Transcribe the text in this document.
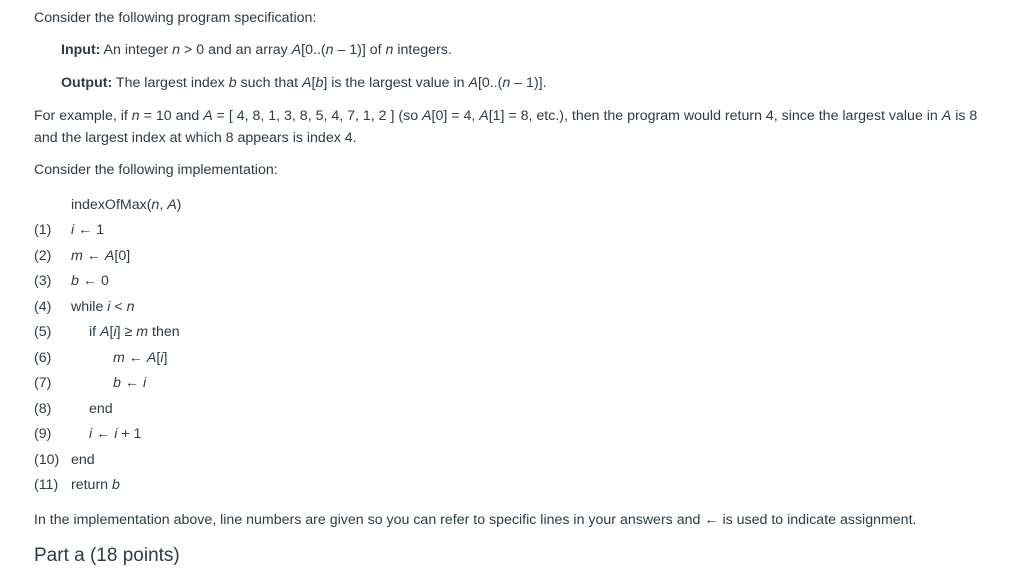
Consider the following program specification:
Input: An integer n > 0 and an array A[0..(n – 1)] of n integers.
Output: The largest index b such that A[b] is the largest value in A[0..(n – 1)].
For example, if n = 10 and A = [ 4, 8, 1, 3, 8, 5, 4, 7, 1, 2 ] (so A[0] = 4, A[1] = 8, etc.), then the program would return 4, since the largest value in A is 8 and the largest index at which 8 appears is index 4.
Consider the following implementation:
indexOfMax(n, A)
(1) i ← 1
(2) m ← A[0]
(3) b ← 0
(4) while i < n
(5)	if A[i] ≥ m then
(6)	m ← A[i]
(7)	b ← i
(8)	end
(9)	i ← i + 1
(10) end
(11) return b
In the implementation above, line numbers are given so you can refer to specific lines in your answers and ← is used to indicate assignment.
Part a (18 points)
